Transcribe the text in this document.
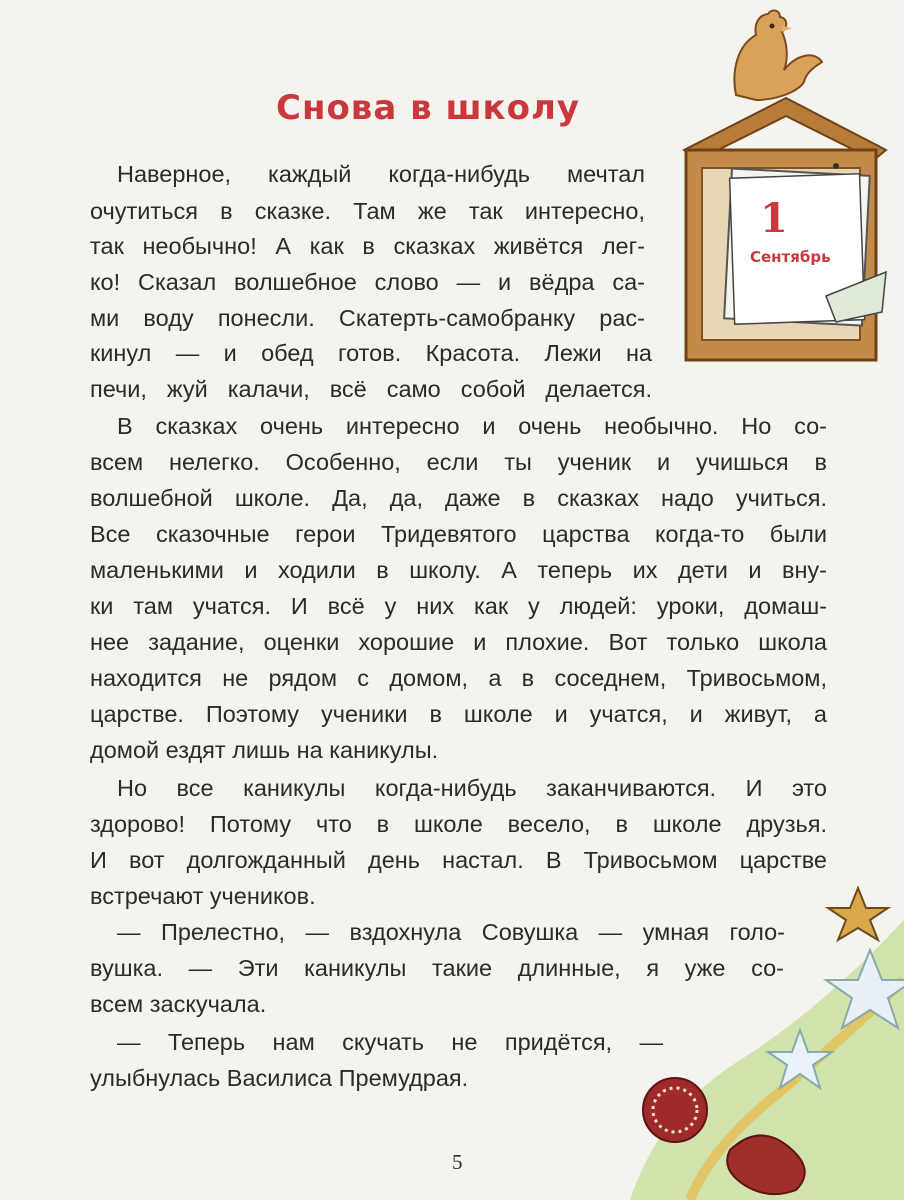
Снова в школу
1
Сентябрь
Наверное, каждый когда-нибудь мечтал
очутиться в сказке. Там же так интересно,
так необычно! А как в сказках живётся лег-
ко! Сказал волшебное слово — и вёдра са-
ми воду понесли. Скатерть-самобранку рас-
кинул — и обед готов. Красота. Лежи на
печи, жуй калачи, всё само собой делается.
В сказках очень интересно и очень необычно. Но со-
всем нелегко. Особенно, если ты ученик и учишься в
волшебной школе. Да, да, даже в сказках надо учиться.
Все сказочные герои Тридевятого царства когда-то были
маленькими и ходили в школу. А теперь их дети и вну-
ки там учатся. И всё у них как у людей: уроки, домаш-
нее задание, оценки хорошие и плохие. Вот только школа
находится не рядом с домом, а в соседнем, Тривосьмом,
царстве. Поэтому ученики в школе и учатся, и живут, а
домой ездят лишь на каникулы.
Но все каникулы когда-нибудь заканчиваются. И это
здорово! Потому что в школе весело, в школе друзья.
И вот долгожданный день настал. В Тривосьмом царстве
встречают учеников.
— Прелестно, — вздохнула Совушка — умная голо-
вушка. — Эти каникулы такие длинные, я уже со-
всем заскучала.
— Теперь нам скучать не придётся, —
улыбнулась Василиса Премудрая.
5
